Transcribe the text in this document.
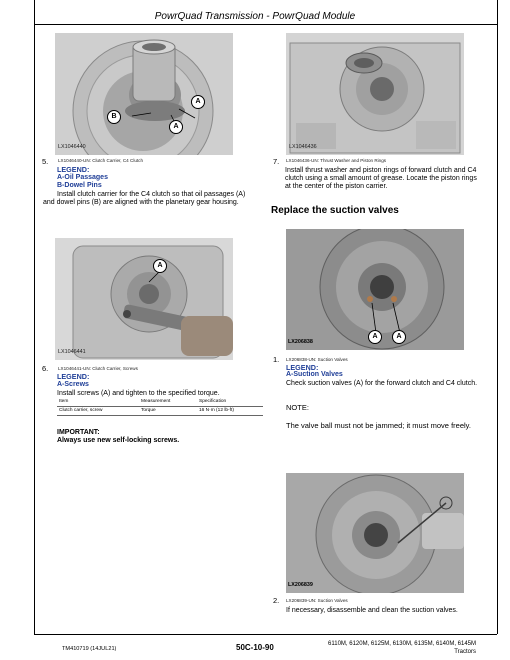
PowrQuad Transmission - PowrQuad Module
A
B
A
LX1046440	LX1046436
5. LX1046440-UN: Clutch Carrier, C4 Clutch
LEGEND:
A-Oil Passages
B-Dowel Pins
Install clutch carrier for the C4 clutch so that oil passages (A)
and dowel pins (B) are aligned with the planetary gear housing.
7. LX1046436-UN: Thrust Washer and Piston Rings
Install thrust washer and piston rings of forward clutch and C4
clutch using a small amount of grease. Locate the piston rings
at the center of the piston carrier.
Replace the suction valves
A
LX1046441
6. LX1046441-UN: Clutch Carrier, Screws
LEGEND:
A-Screws
Install screws (A) and tighten to the specified torque.
Item	Measurement	Specification
Clutch carrier, screw	Torque	16 N·m (12 lb-ft)
IMPORTANT:
Always use new self-locking screws.
A	A
LX206838
1. LX206838-UN: Suction Valves
LEGEND:
A-Suction Valves
Check suction valves (A) for the forward clutch and C4 clutch.
NOTE:
The valve ball must not be jammed; it must move freely.
LX206839
2. LX206839-UN: Suction Valves
If necessary, disassemble and clean the suction valves.
TM410719 (14JUL21)	50C-10-90	6110M, 6120M, 6125M, 6130M, 6135M, 6140M, 6145M
Tractors
